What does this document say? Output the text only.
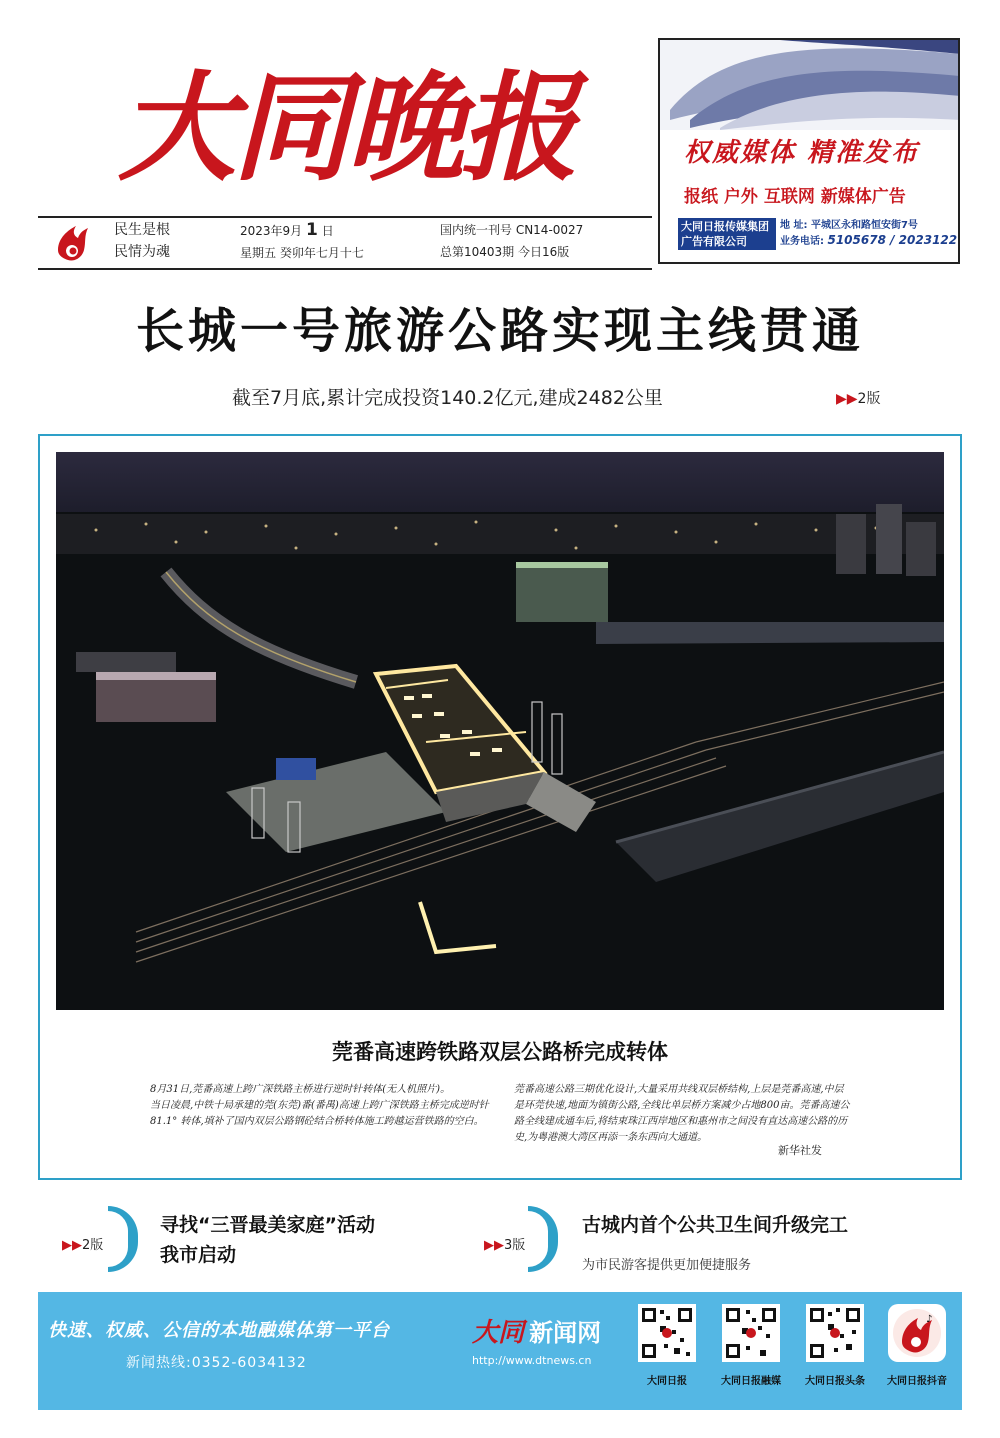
大同晚报
民生是根
民情为魂
2023年9月 1 日
星期五 癸卯年七月十七
国内统一刊号 CN14-0027
总第10403期 今日16版
权威媒体 精准发布
报纸 户外 互联网 新媒体广告
大同日报传媒集团
广告有限公司
地 址: 平城区永和路恒安街7号
业务电话: 5105678 / 2023122
长城一号旅游公路实现主线贯通
截至7月底,累计完成投资140.2亿元,建成2482公里	▶▶2版
莞番高速跨铁路双层公路桥完成转体
8月31日,莞番高速上跨广深铁路主桥进行逆时针转体(无人机照片)。
当日凌晨,中铁十局承建的莞(东莞)番(番禺)高速上跨广深铁路主桥完成逆时针81.1° 转体,填补了国内双层公路钢砼结合桥转体施工跨越运营铁路的空白。
莞番高速公路三期优化设计,大量采用共线双层桥结构,上层是莞番高速,中层是环莞快速,地面为镇街公路,全线比单层桥方案减少占地800亩。莞番高速公路全线建成通车后,将结束珠江西岸地区和惠州市之间没有直达高速公路的历史,为粤港澳大湾区再添一条东西向大通道。
新华社发
▶▶2版
寻找“三晋最美家庭”活动
我市启动	▶▶3版
古城内首个公共卫生间升级完工
为市民游客提供更加便捷服务
快速、权威、公信的本地融媒体第一平台
新闻热线:0352-6034132
大同 新闻网
http://www.dtnews.cn
♪
大同日报	大同日报融媒	大同日报头条	大同日报抖音
